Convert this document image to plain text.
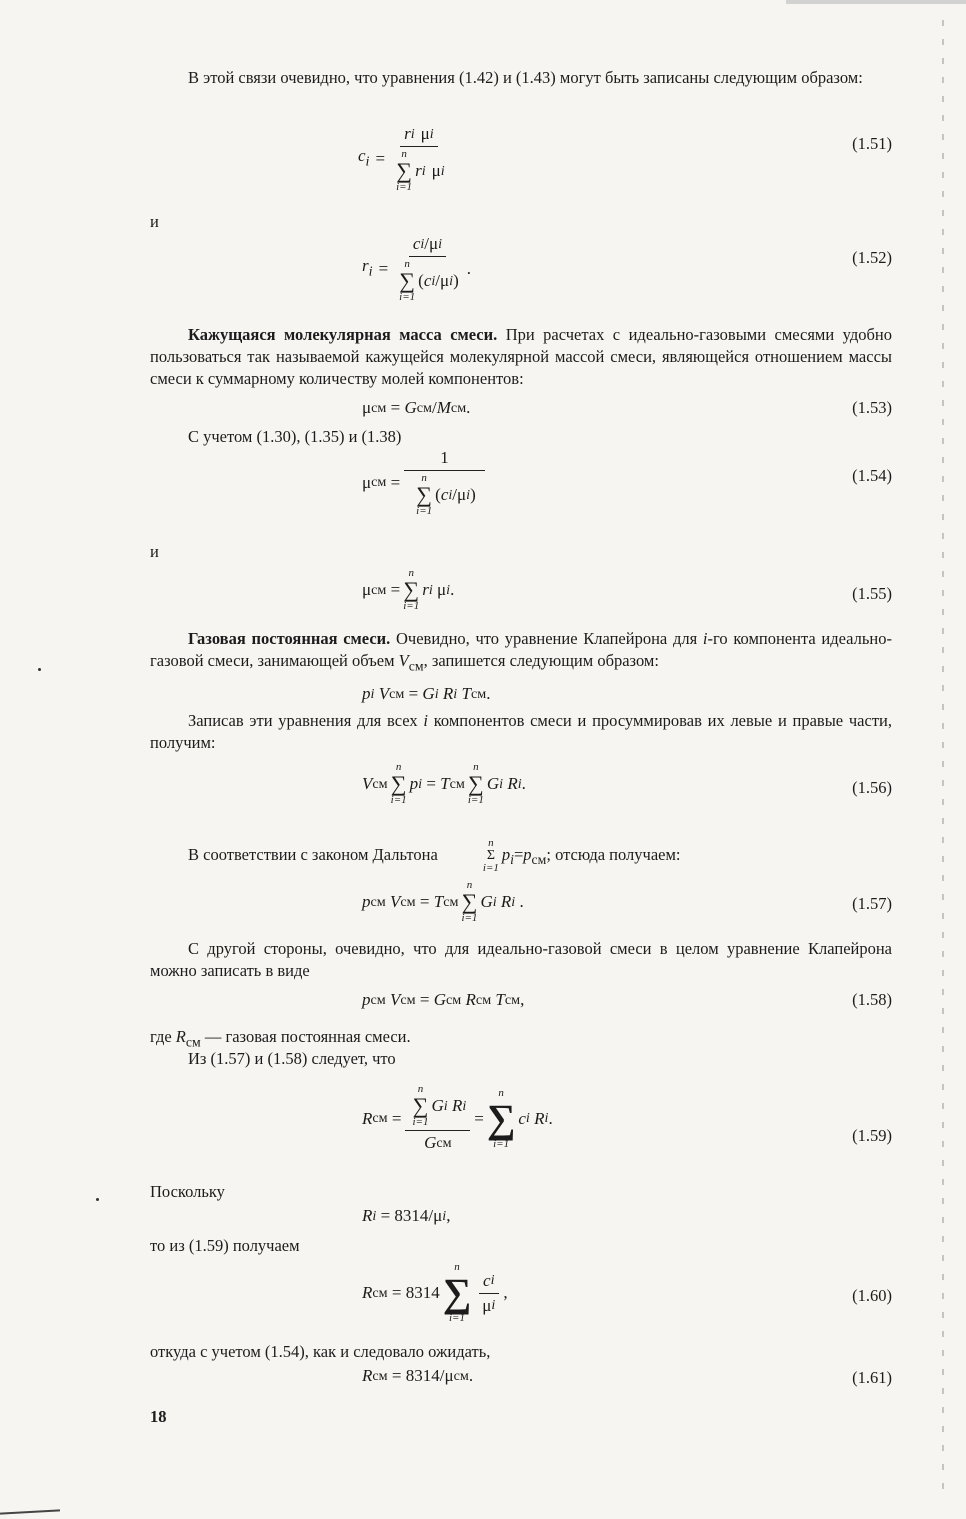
В этой связи очевидно, что уравнения (1.42) и (1.43) могут быть записаны следующим образом:
$c_i = r$ i μ i
n
∑
i=1
r i μ i	(1.51)
и
$r_i = c$ i / μ i
n
∑
i=1
( c i / μ i ) .
(1.52)
Кажущаяся молекулярная масса смеси. При расчетах с идеально-газовыми смесями удобно пользоваться так называемой кажущейся молекулярной массой смеси, являющейся отношением массы смеси к суммарному количеству молей компонентов:
μ см = G см / M см .	(1.53)
С учетом (1.30), (1.35) и (1.38)
μ см = 1
n
∑
i=1
( c i / μ i )	(1.54)
и
μ см =
n
∑
i=1
r i
μ i .	(1.55)
Газовая постоянная смеси. Очевидно, что уравнение Клапейрона для i-го компонента идеально-газовой смеси, занимающей объем $V_{см}$, запишется следующим образом:
p i
V см = G i
R i
T см .
Записав эти уравнения для всех i компонентов смеси и просуммировав их левые и правые части, получим:
V см
n
∑
i=1
p i = T см
n
∑
i=1
G i
R i .	(1.56)
В соответствии с законом Дальтона
n
Σ
i=1
$p_i=p_{см}$; отсюда получаем:
p см
V см = T см
n
∑
i=1
G i
R i .	(1.57)
С другой стороны, очевидно, что для идеально-газовой смеси в целом уравнение Клапейрона можно записать в виде
p см
V см = G см
R см
T см ,	(1.58)
где $R_{см}$ — газовая постоянная смеси.
Из (1.57) и (1.58) следует, что
R см = n
∑
i=1
G i
R i
G см =
n
∑
i=1
c i
R i .
(1.59)
Поскольку
R i = 8314 / μ i ,
то из (1.59) получаем
R см = 8314
n
∑
i=1
$\frac{\text{c i}}{\text{μ i}}$ ,	(1.60)
откуда с учетом (1.54), как и следовало ожидать,
R см = 8314 / μ см .	(1.61)
18
